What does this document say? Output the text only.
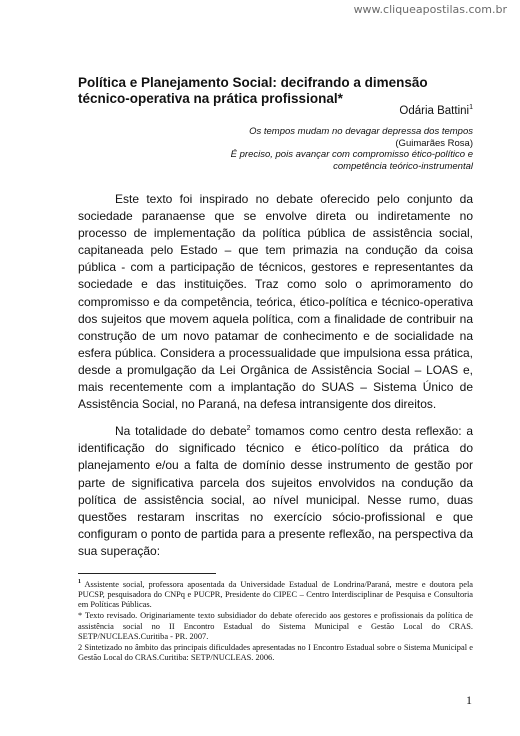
www.cliqueapostilas.com.br
Política e Planejamento Social: decifrando a dimensão técnico-operativa na prática profissional*
Odária Battini$^1$
Os tempos mudam no devagar depressa dos tempos
(Guimarães Rosa)
É preciso, pois avançar com compromisso ético-político e
competência teórico-instrumental

Este texto foi inspirado no debate oferecido pelo conjunto da sociedade paranaense que se envolve direta ou indiretamente no processo de implementação da política pública de assistência social, capitaneada pelo Estado – que tem primazia na condução da coisa pública - com a participação de técnicos, gestores e representantes da sociedade e das instituições. Traz como solo o aprimoramento do compromisso e da competência, teórica, ético-política e técnico-operativa dos sujeitos que movem aquela política, com a finalidade de contribuir na construção de um novo patamar de conhecimento e de socialidade na esfera pública. Considera a processualidade que impulsiona essa prática, desde a promulgação da Lei Orgânica de Assistência Social – LOAS e, mais recentemente com a implantação do SUAS – Sistema Único de Assistência Social, no Paraná, na defesa intransigente dos direitos.

Na totalidade do debate$^2$ tomamos como centro desta reflexão: a identificação do significado técnico e ético-político da prática do planejamento e/ou a falta de domínio desse instrumento de gestão por parte de significativa parcela dos sujeitos envolvidos na condução da política de assistência social, ao nível municipal. Nesse rumo, duas questões restaram inscritas no exercício sócio-profissional e que configuram o ponto de partida para a presente reflexão, na perspectiva da sua superação:

$^1$ Assistente social, professora aposentada da Universidade Estadual de Londrina/Paraná, mestre e doutora pela PUCSP, pesquisadora do CNPq e PUCPR, Presidente do CIPEC – Centro Interdisciplinar de Pesquisa e Consultoria em Políticas Públicas.

* Texto revisado. Originariamente texto subsidiador do debate oferecido aos gestores e profissionais da política de assistência social no II Encontro Estadual do Sistema Municipal e Gestão Local do CRAS. SETP/NUCLEAS.Curitiba - PR. 2007.

2 Sintetizado no âmbito das principais dificuldades apresentadas no I Encontro Estadual sobre o Sistema Municipal e Gestão Local do CRAS.Curitiba: SETP/NUCLEAS. 2006.

1
